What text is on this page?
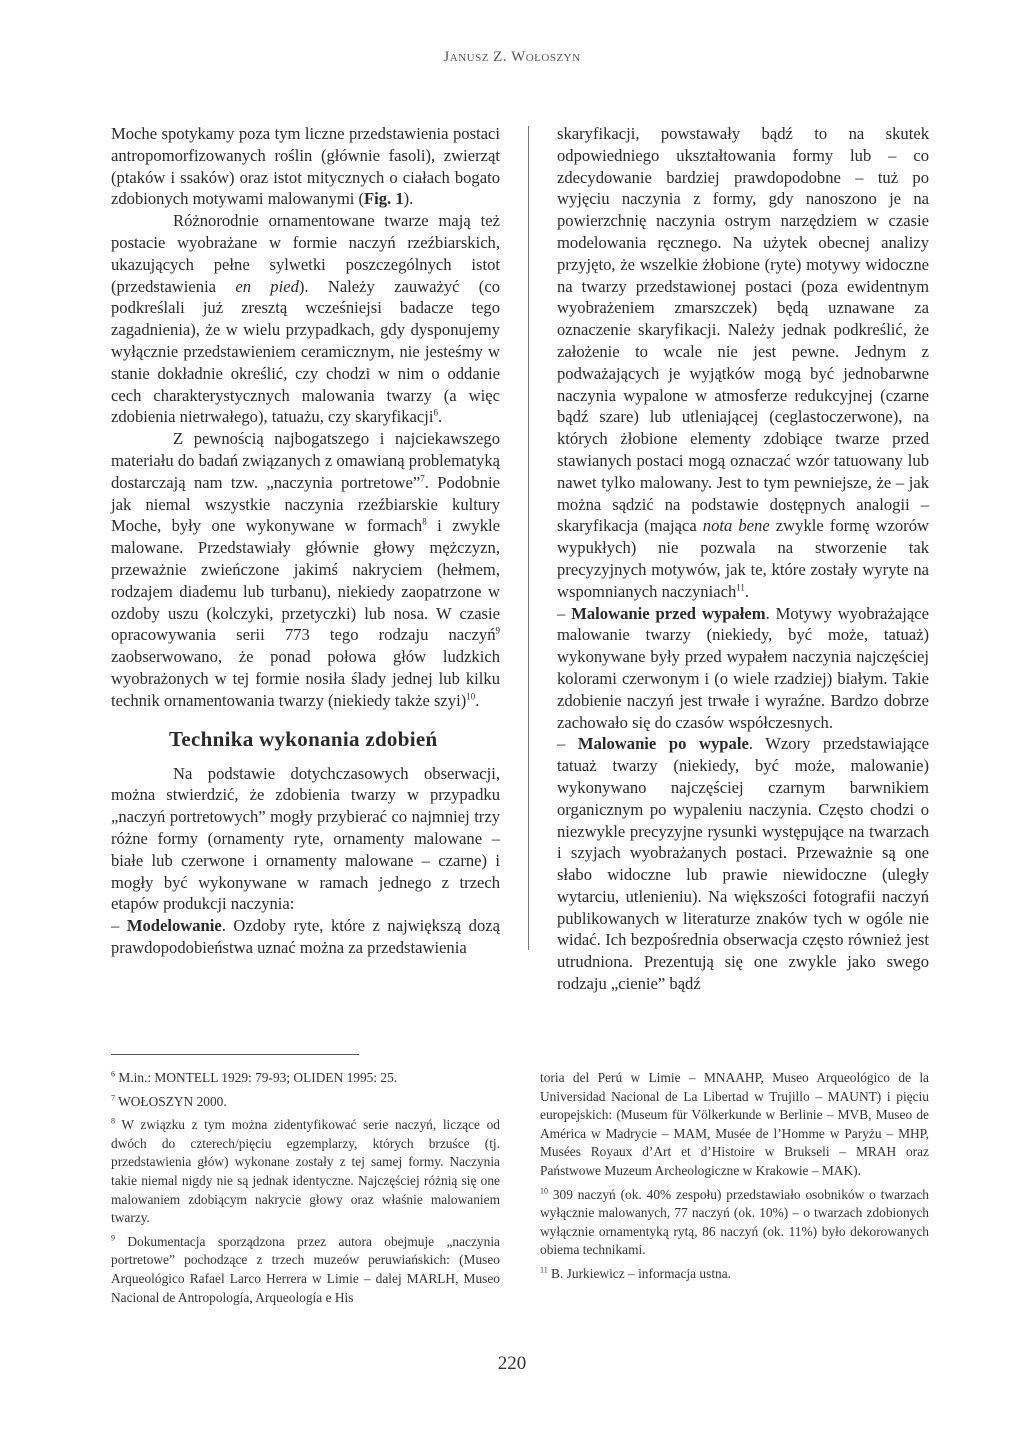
Janusz Z. Wołoszyn

Moche spotykamy poza tym liczne przedstawienia postaci antropomorfizowanych roślin (głównie fasoli), zwierząt (ptaków i ssaków) oraz istot mitycznych o ciałach bogato zdobionych motywami malowanymi (Fig. 1).

Różnorodnie ornamentowane twarze mają też postacie wyobrażane w formie naczyń rzeźbiarskich, ukazujących pełne sylwetki poszczególnych istot (przedstawienia en pied). Należy zauważyć (co podkreślali już zresztą wcześniejsi badacze tego zagadnienia), że w wielu przypadkach, gdy dysponujemy wyłącznie przedstawieniem ceramicznym, nie jesteśmy w stanie dokładnie określić, czy chodzi w nim o oddanie cech charakterystycznych malowania twarzy (a więc zdobienia nietrwałego), tatuażu, czy skaryfikacji$^6$.

Z pewnością najbogatszego i najciekawszego materiału do badań związanych z omawianą problematyką dostarczają nam tzw. „naczynia portretowe”$^7$. Podobnie jak niemal wszystkie naczynia rzeźbiarskie kultury Moche, były one wykonywane w formach$^8$ i zwykle malowane. Przedstawiały głównie głowy mężczyzn, przeważnie zwieńczone jakimś nakryciem (hełmem, rodzajem diademu lub turbanu), niekiedy zaopatrzone w ozdoby uszu (kolczyki, przetyczki) lub nosa. W czasie opracowywania serii 773 tego rodzaju naczyń$^9$ zaobserwowano, że ponad połowa głów ludzkich wyobrażonych w tej formie nosiła ślady jednej lub kilku technik ornamentowania twarzy (niekiedy także szyi)$^{10}$.

Technika wykonania zdobień

Na podstawie dotychczasowych obserwacji, można stwierdzić, że zdobienia twarzy w przypadku „naczyń portretowych” mogły przybierać co najmniej trzy różne formy (ornamenty ryte, ornamenty malowane – białe lub czerwone i ornamenty malowane – czarne) i mogły być wykonywane w ramach jednego z trzech etapów produkcji naczynia:

– Modelowanie. Ozdoby ryte, które z największą dozą prawdopodobieństwa uznać można za przedstawienia

skaryfikacji, powstawały bądź to na skutek odpowiedniego ukształtowania formy lub – co zdecydowanie bardziej prawdopodobne – tuż po wyjęciu naczynia z formy, gdy nanoszono je na powierzchnię naczynia ostrym narzędziem w czasie modelowania ręcznego. Na użytek obecnej analizy przyjęto, że wszelkie żłobione (ryte) motywy widoczne na twarzy przedstawionej postaci (poza ewidentnym wyobrażeniem zmarszczek) będą uznawane za oznaczenie skaryfikacji. Należy jednak podkreślić, że założenie to wcale nie jest pewne. Jednym z podważających je wyjątków mogą być jednobarwne naczynia wypalone w atmosferze redukcyjnej (czarne bądź szare) lub utleniającej (ceglastoczerwone), na których żłobione elementy zdobiące twarze przed stawianych postaci mogą oznaczać wzór tatuowany lub nawet tylko malowany. Jest to tym pewniejsze, że – jak można sądzić na podstawie dostępnych analogii – skaryfikacja (mająca nota bene zwykle formę wzorów wypukłych) nie pozwala na stworzenie tak precyzyjnych motywów, jak te, które zostały wyryte na wspomnianych naczyniach$^{11}$.

– Malowanie przed wypałem. Motywy wyobrażające malowanie twarzy (niekiedy, być może, tatuaż) wykonywane były przed wypałem naczynia najczęściej kolorami czerwonym i (o wiele rzadziej) białym. Takie zdobienie naczyń jest trwałe i wyraźne. Bardzo dobrze zachowało się do czasów współczesnych.

– Malowanie po wypale. Wzory przedstawiające tatuaż twarzy (niekiedy, być może, malowanie) wykonywano najczęściej czarnym barwnikiem organicznym po wypaleniu naczynia. Często chodzi o niezwykle precyzyjne rysunki występujące na twarzach i szyjach wyobrażanych postaci. Przeważnie są one słabo widoczne lub prawie niewidoczne (uległy wytarciu, utlenieniu). Na większości fotografii naczyń publikowanych w literaturze znaków tych w ogóle nie widać. Ich bezpośrednia obserwacja często również jest utrudniona. Prezentują się one zwykle jako swego rodzaju „cienie” bądź

$^6$ M.in.: MONTELL 1929: 79-93; OLIDEN 1995: 25.

$^7$ WOŁOSZYN 2000.

$^8$ W związku z tym można zidentyfikować serie naczyń, liczące od dwóch do czterech/pięciu egzemplarzy, których brzuśce (tj. przedstawienia głów) wykonane zostały z tej samej formy. Naczynia takie niemal nigdy nie są jednak identyczne. Najczęściej różnią się one malowaniem zdobiącym nakrycie głowy oraz właśnie malowaniem twarzy.

$^9$ Dokumentacja sporządzona przez autora obejmuje „naczynia portretowe” pochodzące z trzech muzeów peruwiańskich: (Museo Arqueológico Rafael Larco Herrera w Limie – dalej MARLH, Museo Nacional de Antropología, Arqueología e His

toria del Perú w Limie – MNAAHP, Museo Arqueológico de la Universidad Nacional de La Libertad w Trujillo – MAUNT) i pięciu europejskich: (Museum für Völkerkunde w Berlinie – MVB, Museo de América w Madrycie – MAM, Musée de l’Homme w Paryżu – MHP, Musées Royaux d’Art et d’Histoire w Brukseli – MRAH oraz Państwowe Muzeum Archeologiczne w Krakowie – MAK).

$^{10}$ 309 naczyń (ok. 40% zespołu) przedstawiało osobników o twarzach wyłącznie malowanych, 77 naczyń (ok. 10%) – o twarzach zdobionych wyłącznie ornamentyką rytą, 86 naczyń (ok. 11%) było dekorowanych obiema technikami.

$^{11}$ B. Jurkiewicz – informacja ustna.

220
